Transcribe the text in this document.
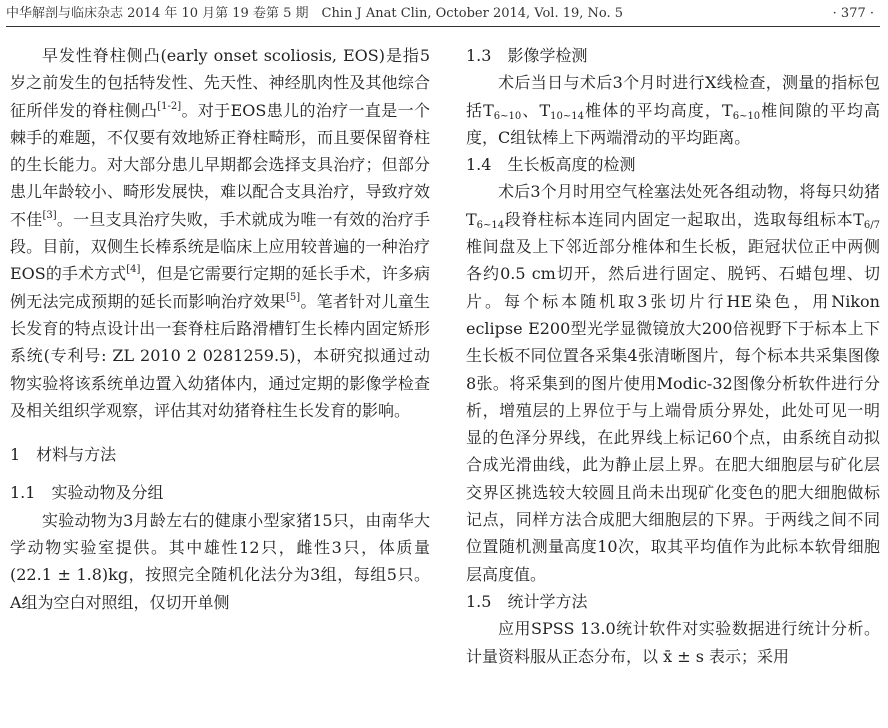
中华解剖与临床杂志 2014 年 10 月第 19 卷第 5 期　Chin J Anat Clin, October 2014, Vol. 19, No. 5	· 377 ·

早发性脊柱侧凸(early onset scoliosis, EOS)是指5岁之前发生的包括特发性、先天性、神经肌肉性及其他综合征所伴发的脊柱侧凸[1-2]。对于EOS患儿的治疗一直是一个棘手的难题，不仅要有效地矫正脊柱畸形，而且要保留脊柱的生长能力。对大部分患儿早期都会选择支具治疗；但部分患儿年龄较小、畸形发展快，难以配合支具治疗，导致疗效不佳[3]。一旦支具治疗失败，手术就成为唯一有效的治疗手段。目前，双侧生长棒系统是临床上应用较普遍的一种治疗EOS的手术方式[4]，但是它需要行定期的延长手术，许多病例无法完成预期的延长而影响治疗效果[5]。笔者针对儿童生长发育的特点设计出一套脊柱后路滑槽钉生长棒内固定矫形系统(专利号: ZL 2010 2 0281259.5)，本研究拟通过动物实验将该系统单边置入幼猪体内，通过定期的影像学检查及相关组织学观察，评估其对幼猪脊柱生长发育的影响。

1　材料与方法
1.1　实验动物及分组

实验动物为3月龄左右的健康小型家猪15只，由南华大学动物实验室提供。其中雄性12只，雌性3只，体质量(22.1 ± 1.8)kg，按照完全随机化法分为3组，每组5只。A组为空白对照组，仅切开单侧

1.3　影像学检测

术后当日与术后3个月时进行X线检查，测量的指标包括$T_{6\sim 10}$、$T_{10\sim 14}$椎体的平均高度，$T_{6\sim 10}$椎间隙的平均高度，C组钛棒上下两端滑动的平均距离。

1.4　生长板高度的检测

术后3个月时用空气栓塞法处死各组动物，将每只幼猪$T_{6\sim 14}$段脊柱标本连同内固定一起取出，选取每组标本$T_{6/7}$椎间盘及上下邻近部分椎体和生长板，距冠状位正中两侧各约0.5 cm切开，然后进行固定、脱钙、石蜡包埋、切片。每个标本随机取3张切片行HE染色，用Nikon eclipse E200型光学显微镜放大200倍视野下于标本上下生长板不同位置各采集4张清晰图片，每个标本共采集图像8张。将采集到的图片使用Modic-32图像分析软件进行分析，增殖层的上界位于与上端骨质分界处，此处可见一明显的色泽分界线，在此界线上标记60个点，由系统自动拟合成光滑曲线，此为静止层上界。在肥大细胞层与矿化层交界区挑选较大较圆且尚未出现矿化变色的肥大细胞做标记点，同样方法合成肥大细胞层的下界。于两线之间不同位置随机测量高度10次，取其平均值作为此标本软骨细胞层高度值。

1.5　统计学方法

应用SPSS 13.0统计软件对实验数据进行统计分析。计量资料服从正态分布，以 x̄ ± s 表示；采用
